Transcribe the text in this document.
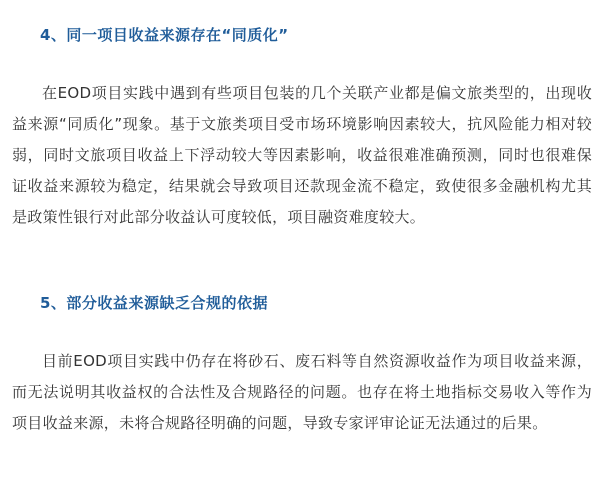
4、同一项目收益来源存在“同质化”

在EOD项目实践中遇到有些项目包装的几个关联产业都是偏文旅类型的，出现收益来源“同质化”现象。基于文旅类项目受市场环境影响因素较大，抗风险能力相对较弱，同时文旅项目收益上下浮动较大等因素影响，收益很难准确预测，同时也很难保证收益来源较为稳定，结果就会导致项目还款现金流不稳定，致使很多金融机构尤其是政策性银行对此部分收益认可度较低，项目融资难度较大。

5、部分收益来源缺乏合规的依据

目前EOD项目实践中仍存在将砂石、废石料等自然资源收益作为项目收益来源，而无法说明其收益权的合法性及合规路径的问题。也存在将土地指标交易收入等作为项目收益来源，未将合规路径明确的问题，导致专家评审论证无法通过的后果。
